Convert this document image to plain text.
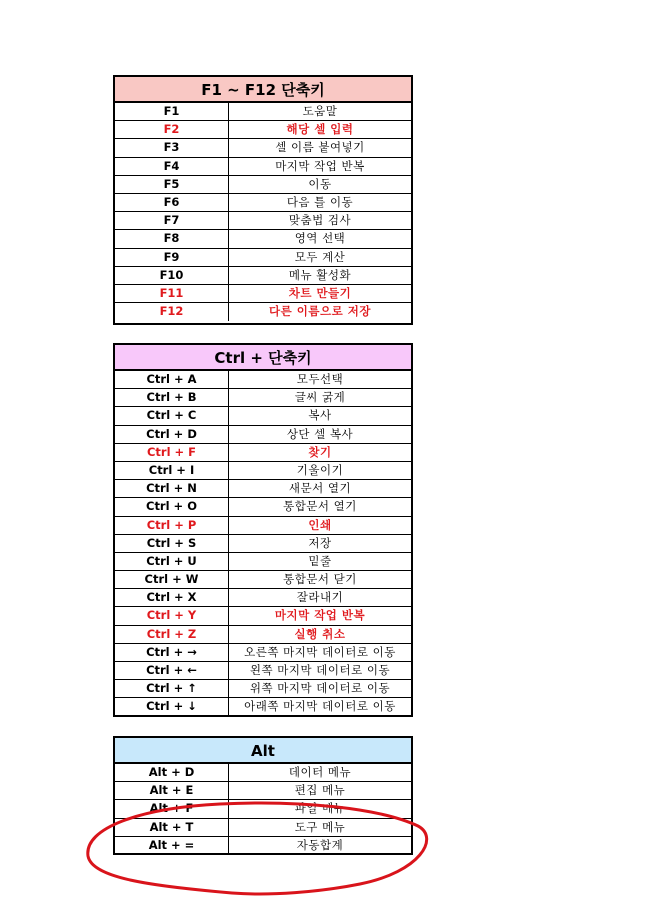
F1 ~ F12 단축키
F1	도움말
F2	해당 셀 입력
F3	셀 이름 붙여넣기
F4	마지막 작업 반복
F5	이동
F6	다음 틀 이동
F7	맞춤법 검사
F8	영역 선택
F9	모두 계산
F10	메뉴 활성화
F11	차트 만들기
F12	다른 이름으로 저장
Ctrl + 단축키
Ctrl + A	모두선택
Ctrl + B	글씨 굵게
Ctrl + C	복사
Ctrl + D	상단 셀 복사
Ctrl + F	찾기
Ctrl + I	기울이기
Ctrl + N	새문서 열기
Ctrl + O	통합문서 열기
Ctrl + P	인쇄
Ctrl + S	저장
Ctrl + U	밑줄
Ctrl + W	통합문서 닫기
Ctrl + X	잘라내기
Ctrl + Y	마지막 작업 반복
Ctrl + Z	실행 취소
Ctrl + →	오른쪽 마지막 데이터로 이동
Ctrl + ←	왼쪽 마지막 데이터로 이동
Ctrl + ↑	위쪽 마지막 데이터로 이동
Ctrl + ↓	아래쪽 마지막 데이터로 이동
Alt
Alt + D	데이터 메뉴
Alt + E	편집 메뉴
Alt + F	파일 메뉴
Alt + T	도구 메뉴
Alt + =	자동합계
